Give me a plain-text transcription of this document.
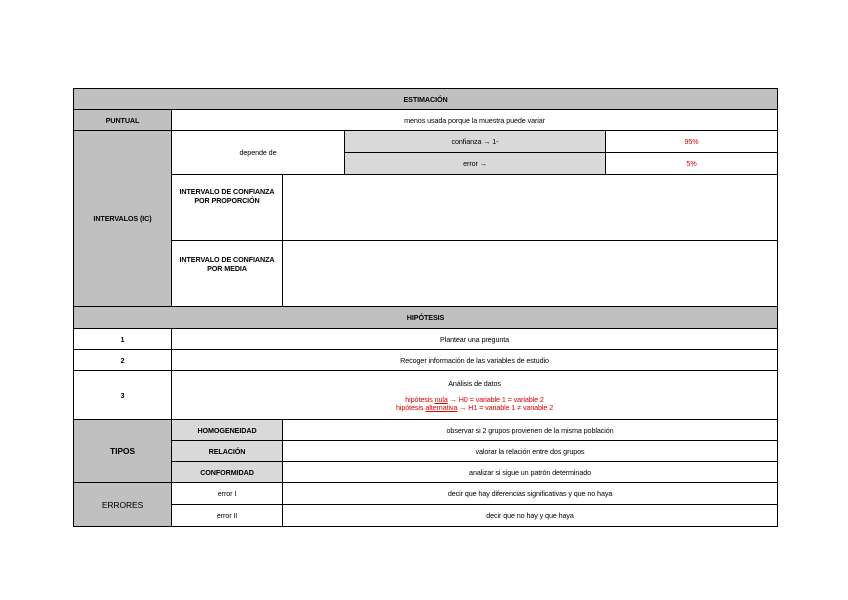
ESTIMACIÓN				
PUNTUAL	menos usada porque la muestra puede variar			
INTERVALOS (IC)	depende de		confianza → 1-	95%
			error →	5%
	INTERVALO DE CONFIANZA POR PROPORCIÓN			
	INTERVALO DE CONFIANZA POR MEDIA			
HIPÓTESIS				
1	Plantear una pregunta			
2	Recoger información de las variables de estudio			
3	Análisis de datos
hipótesis nula → H0 = variable 1 = variable 2
hipótesis alternativa → H1 = variable 1 ≠ variable 2			

TIPOS	HOMOGENEIDAD	observar si 2 grupos provienen de la misma población		
	RELACIÓN	valorar la relación entre dos grupos		
	CONFORMIDAD	analizar si sigue un patrón determinado		
ERRORES	error I	decir que hay diferencias significativas y que no haya		
	error II	decir que no hay y que haya		
